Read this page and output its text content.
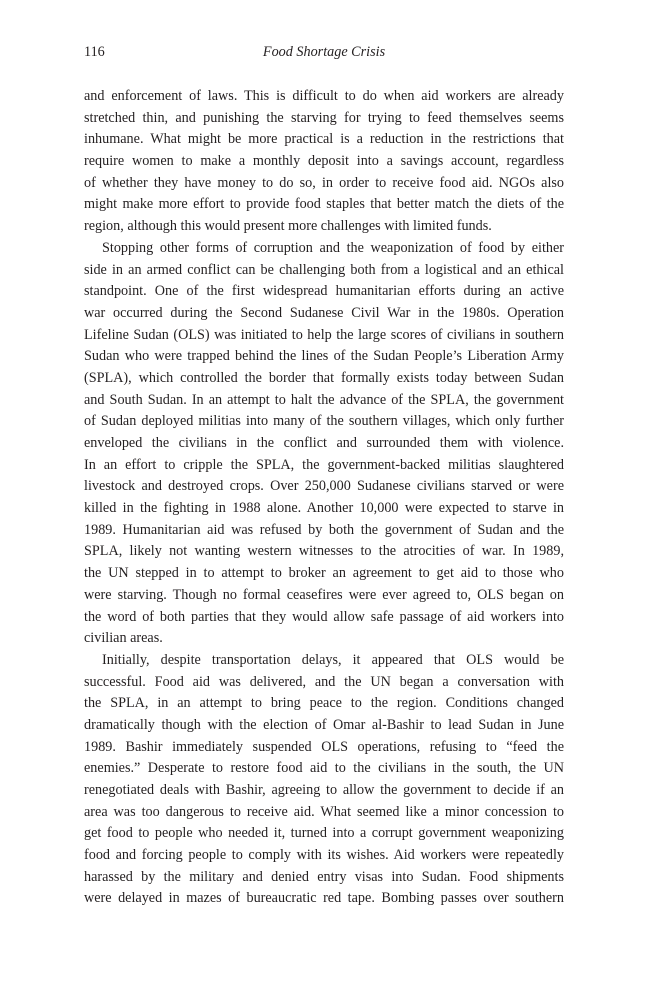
116	Food Shortage Crisis
and enforcement of laws. This is difficult to do when aid workers are already
stretched thin, and punishing the starving for trying to feed themselves seems
inhumane. What might be more practical is a reduction in the restrictions that
require women to make a monthly deposit into a savings account, regardless
of whether they have money to do so, in order to receive food aid. NGOs also
might make more effort to provide food staples that better match the diets of the
region, although this would present more challenges with limited funds.
Stopping other forms of corruption and the weaponization of food by either
side in an armed conflict can be challenging both from a logistical and an ethical
standpoint. One of the first widespread humanitarian efforts during an active
war occurred during the Second Sudanese Civil War in the 1980s. Operation
Lifeline Sudan (OLS) was initiated to help the large scores of civilians in southern
Sudan who were trapped behind the lines of the Sudan People’s Liberation Army
(SPLA), which controlled the border that formally exists today between Sudan
and South Sudan. In an attempt to halt the advance of the SPLA, the government
of Sudan deployed militias into many of the southern villages, which only further
enveloped the civilians in the conflict and surrounded them with violence.
In an effort to cripple the SPLA, the government-backed militias slaughtered
livestock and destroyed crops. Over 250,000 Sudanese civilians starved or were
killed in the fighting in 1988 alone. Another 10,000 were expected to starve in
1989. Humanitarian aid was refused by both the government of Sudan and the
SPLA, likely not wanting western witnesses to the atrocities of war. In 1989,
the UN stepped in to attempt to broker an agreement to get aid to those who
were starving. Though no formal ceasefires were ever agreed to, OLS began on
the word of both parties that they would allow safe passage of aid workers into
civilian areas.
Initially, despite transportation delays, it appeared that OLS would be
successful. Food aid was delivered, and the UN began a conversation with
the SPLA, in an attempt to bring peace to the region. Conditions changed
dramatically though with the election of Omar al-Bashir to lead Sudan in June
1989. Bashir immediately suspended OLS operations, refusing to “feed the
enemies.” Desperate to restore food aid to the civilians in the south, the UN
renegotiated deals with Bashir, agreeing to allow the government to decide if an
area was too dangerous to receive aid. What seemed like a minor concession to
get food to people who needed it, turned into a corrupt government weaponizing
food and forcing people to comply with its wishes. Aid workers were repeatedly
harassed by the military and denied entry visas into Sudan. Food shipments
were delayed in mazes of bureaucratic red tape. Bombing passes over southern
